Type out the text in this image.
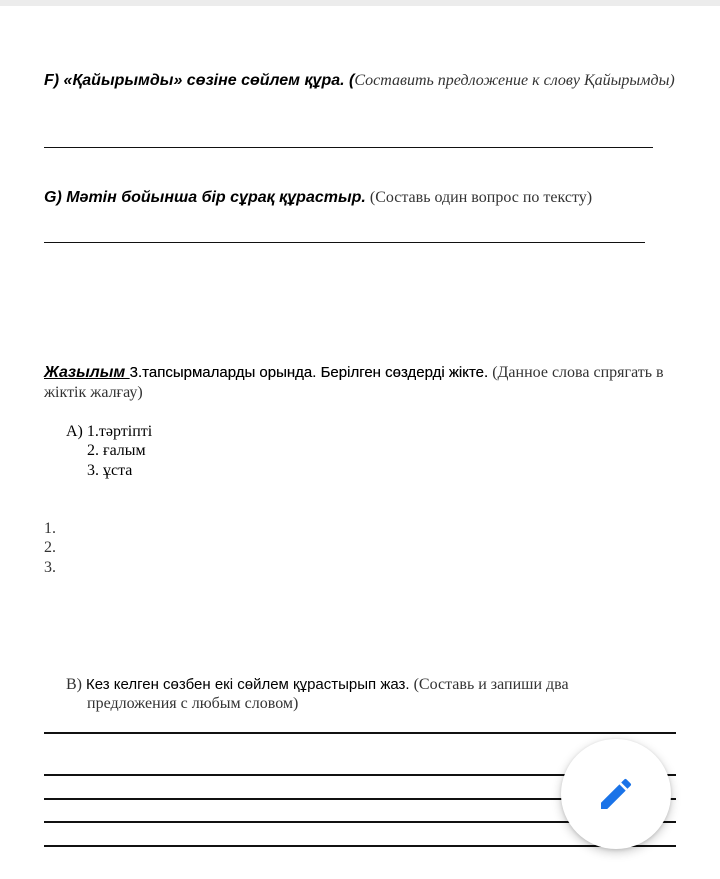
F) «Қайырымды» сөзіне сөйлем құра. (Составить предложение к слову Қайырымды)
G) Мәтін бойынша бір сұрақ құрастыр. (Составь один вопрос по тексту)
Жазылым 3.тапсырмаларды орында. Берілген сөздерді жікте. (Данное слова спрягать в
жіктік жалғау)
A) 1.тәртіпті
2. ғалым
3. ұста
1.
2.
3.
B) Кез келген сөзбен екі сөйлем құрастырып жаз. (Составь и запиши два
предложения с любым словом)
